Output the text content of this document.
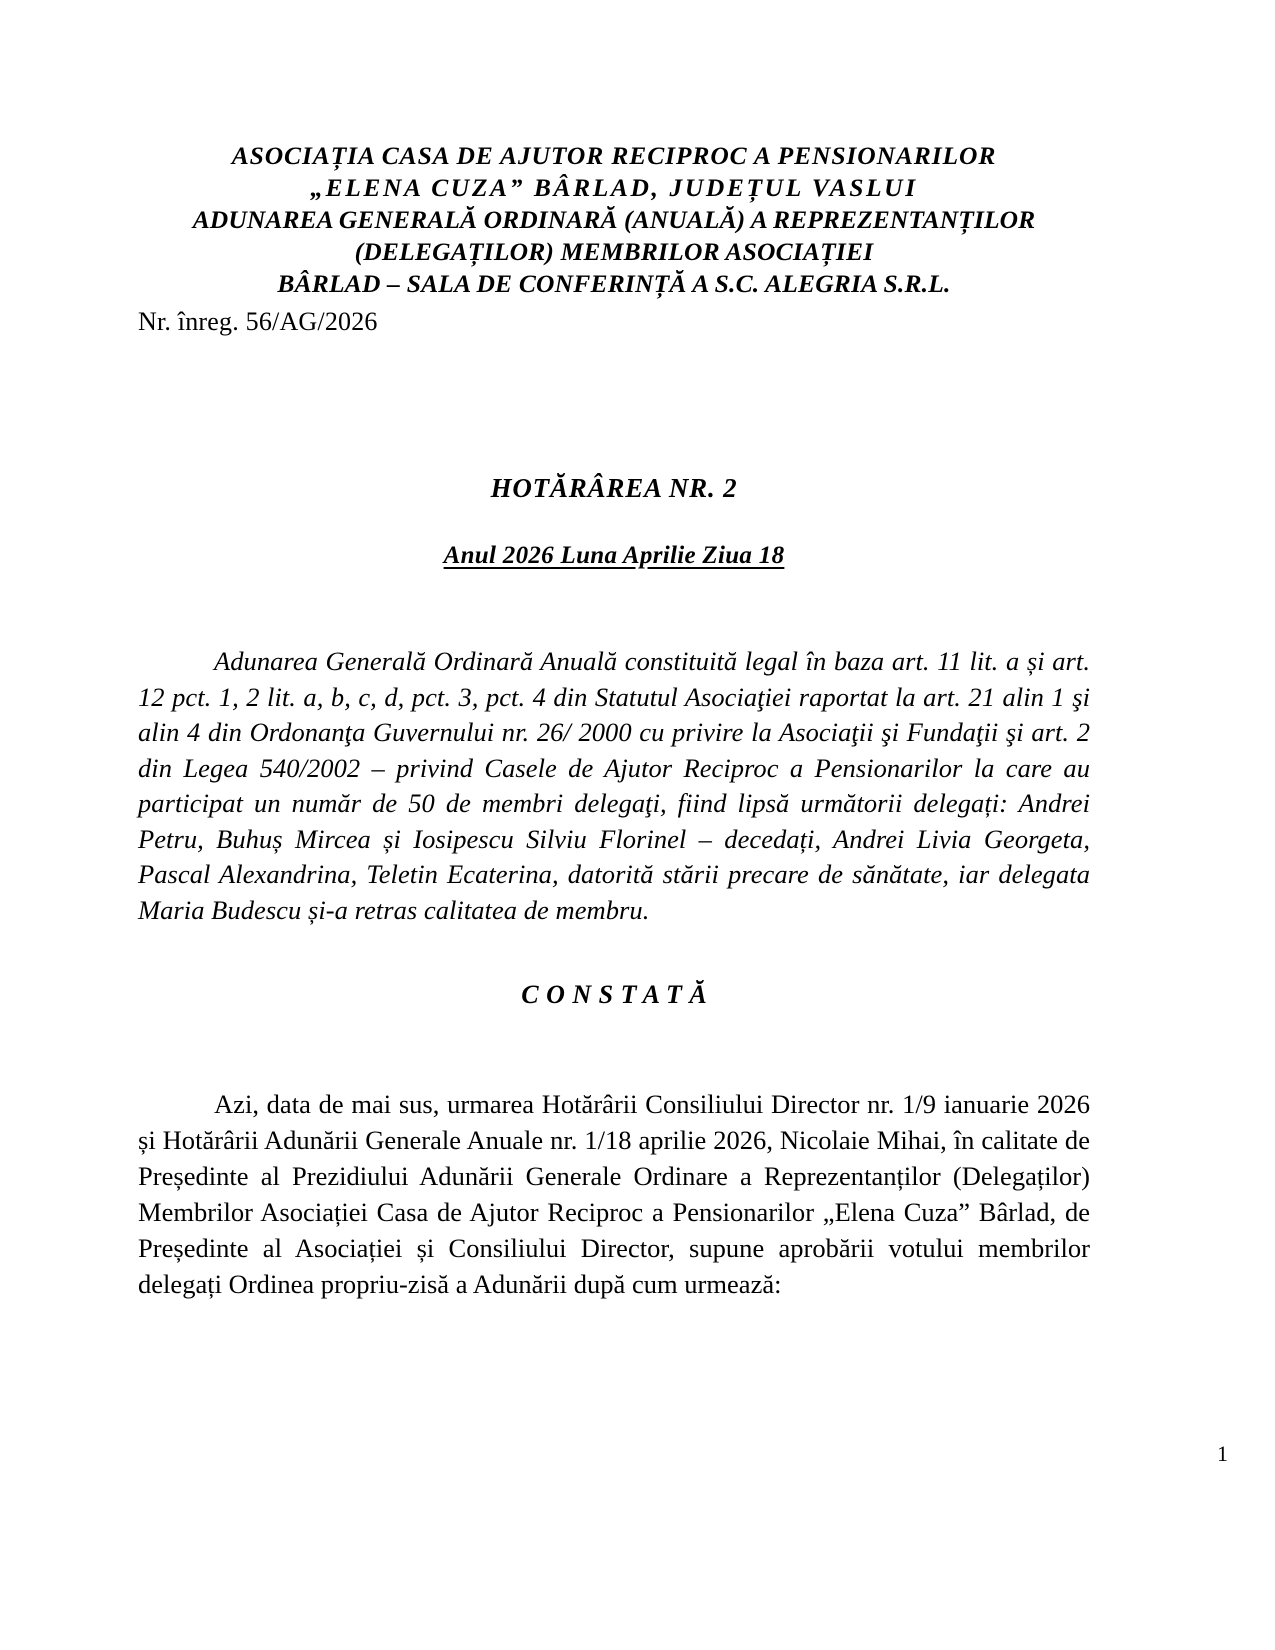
ASOCIAȚIA CASA DE AJUTOR RECIPROC A PENSIONARILOR
„ELENA CUZA” BÂRLAD, JUDEȚUL VASLUI
ADUNAREA GENERALĂ ORDINARĂ (ANUALĂ) A REPREZENTANȚILOR
(DELEGAȚILOR) MEMBRILOR ASOCIAȚIEI
BÂRLAD – SALA DE CONFERINȚĂ A S.C. ALEGRIA S.R.L.
Nr. înreg. 56/AG/2026
HOTĂRÂREA NR. 2
Anul 2026 Luna Aprilie Ziua 18
Adunarea Generală Ordinară Anuală constituită legal în baza art. 11 lit. a și art. 12 pct. 1, 2 lit. a, b, c, d, pct. 3, pct. 4 din Statutul Asociaţiei raportat la art. 21 alin 1 şi alin 4 din Ordonanţa Guvernului nr. 26/ 2000 cu privire la Asociaţii şi Fundaţii şi art. 2 din Legea 540/2002 – privind Casele de Ajutor Reciproc a Pensionarilor la care au participat un număr de 50 de membri delegaţi, fiind lipsă următorii delegați: Andrei Petru, Buhuș Mircea și Iosipescu Silviu Florinel – decedați, Andrei Livia Georgeta, Pascal Alexandrina, Teletin Ecaterina, datorită stării precare de sănătate, iar delegata Maria Budescu și-a retras calitatea de membru.
CONSTATĂ
Azi, data de mai sus, urmarea Hotărârii Consiliului Director nr. 1/9 ianuarie 2026 și Hotărârii Adunării Generale Anuale nr. 1/18 aprilie 2026, Nicolaie Mihai, în calitate de Președinte al Prezidiului Adunării Generale Ordinare a Reprezentanților (Delegaților) Membrilor Asociației Casa de Ajutor Reciproc a Pensionarilor „Elena Cuza” Bârlad, de Președinte al Asociației și Consiliului Director, supune aprobării votului membrilor delegați Ordinea propriu-zisă a Adunării după cum urmează:
1
